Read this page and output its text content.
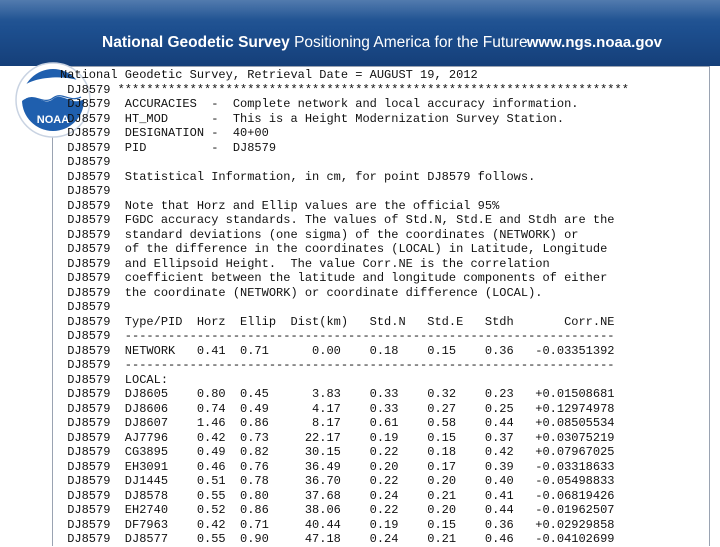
National Geodetic Survey Positioning America for the Future www.ngs.noaa.gov
NOAA
National Geodetic Survey, Retrieval Date = AUGUST 19, 2012
DJ8579 ***********************************************************************
DJ8579  ACCURACIES  -  Complete network and local accuracy information.
DJ8579  HT_MOD      -  This is a Height Modernization Survey Station.
DJ8579  DESIGNATION -  40+00
DJ8579  PID         -  DJ8579
DJ8579
DJ8579  Statistical Information, in cm, for point DJ8579 follows.
DJ8579
DJ8579  Note that Horz and Ellip values are the official 95%
DJ8579  FGDC accuracy standards. The values of Std.N, Std.E and Stdh are the
DJ8579  standard deviations (one sigma) of the coordinates (NETWORK) or
DJ8579  of the difference in the coordinates (LOCAL) in Latitude, Longitude
DJ8579  and Ellipsoid Height.  The value Corr.NE is the correlation
DJ8579  coefficient between the latitude and longitude components of either
DJ8579  the coordinate (NETWORK) or coordinate difference (LOCAL).
DJ8579
DJ8579  Type/PID  Horz  Ellip  Dist(km)   Std.N   Std.E   Stdh       Corr.NE
DJ8579  --------------------------------------------------------------------
DJ8579  NETWORK   0.41  0.71      0.00    0.18    0.15    0.36   -0.03351392
DJ8579  --------------------------------------------------------------------
DJ8579  LOCAL:
DJ8579  DJ8605    0.80  0.45      3.83    0.33    0.32    0.23   +0.01508681
DJ8579  DJ8606    0.74  0.49      4.17    0.33    0.27    0.25   +0.12974978
DJ8579  DJ8607    1.46  0.86      8.17    0.61    0.58    0.44   +0.08505534
DJ8579  AJ7796    0.42  0.73     22.17    0.19    0.15    0.37   +0.03075219
DJ8579  CG3895    0.49  0.82     30.15    0.22    0.18    0.42   +0.07967025
DJ8579  EH3091    0.46  0.76     36.49    0.20    0.17    0.39   -0.03318633
DJ8579  DJ1445    0.51  0.78     36.70    0.22    0.20    0.40   -0.05498833
DJ8579  DJ8578    0.55  0.80     37.68    0.24    0.21    0.41   -0.06819426
DJ8579  EH2740    0.52  0.86     38.06    0.22    0.20    0.44   -0.01962507
DJ8579  DF7963    0.42  0.71     40.44    0.19    0.15    0.36   +0.02929858
DJ8579  DJ8577    0.55  0.90     47.18    0.24    0.21    0.46   -0.04102699
